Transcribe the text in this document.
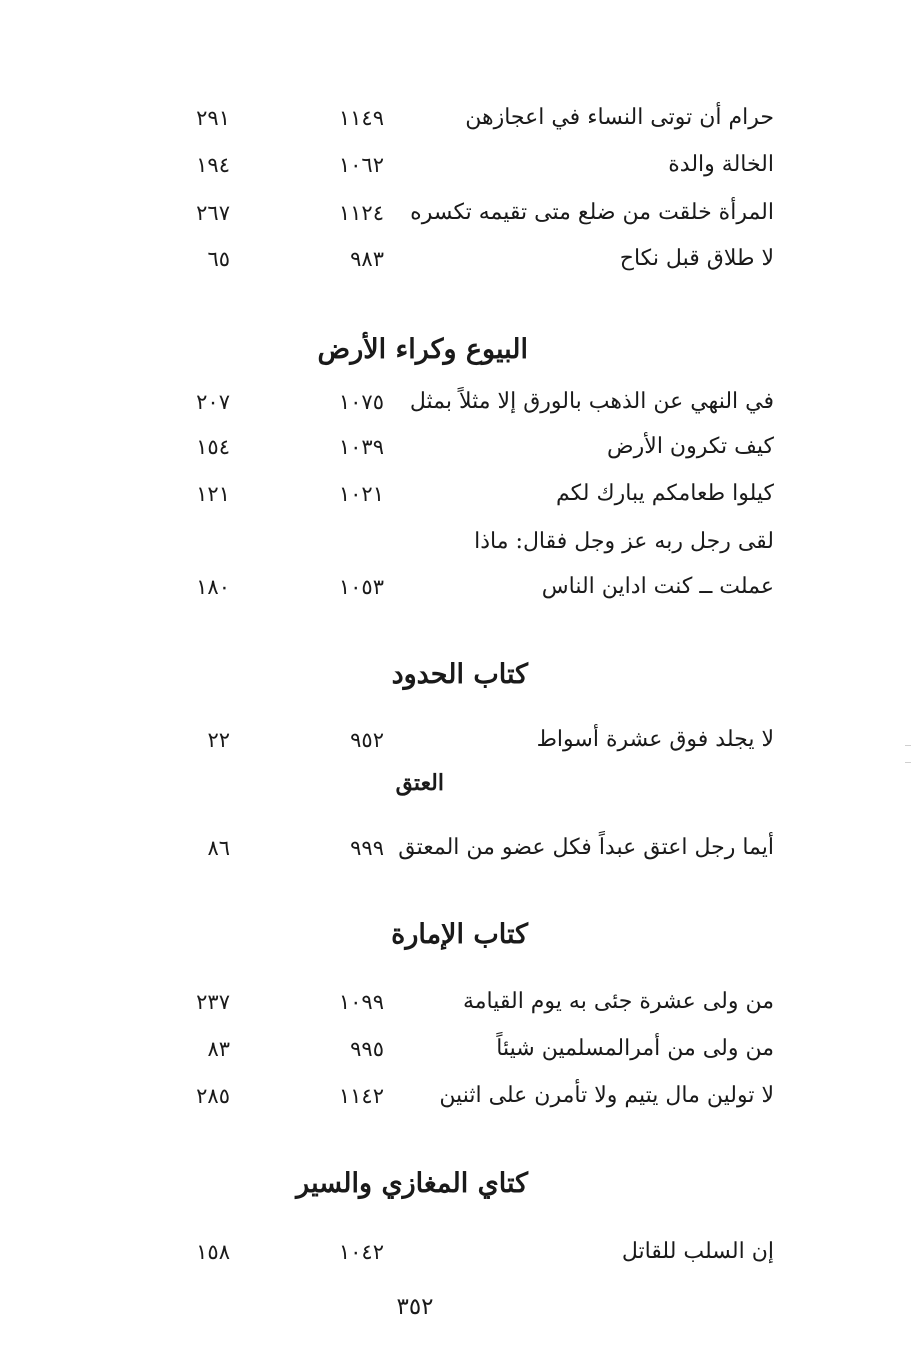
حرام أن توتى النساء في اعجازهن
١١٤٩
٢٩١
الخالة والدة
١٠٦٢
١٩٤
المرأة خلقت من ضلع متى تقيمه تكسره
١١٢٤
٢٦٧
لا طلاق قبل نكاح
٩٨٣
٦٥
البيوع وكراء الأرض
في النهي عن الذهب بالورق إلا مثلاً بمثل
١٠٧٥
٢٠٧
كيف تكرون الأرض
١٠٣٩
١٥٤
كيلوا طعامكم يبارك لكم
١٠٢١
١٢١
لقى رجل ربه عز وجل فقال: ماذا
عملت ــ كنت اداين الناس
١٠٥٣
١٨٠
كتاب الحدود
لا يجلد فوق عشرة أسواط
٩٥٢
٢٢
العتق
أيما رجل اعتق عبداً فكل عضو من المعتق
٩٩٩
٨٦
كتاب الإمارة
من ولى عشرة جئى به يوم القيامة
١٠٩٩
٢٣٧
من ولى من أمرالمسلمين شيئاً
٩٩٥
٨٣
لا تولين مال يتيم ولا تأمرن على اثنين
١١٤٢
٢٨٥
كتاي المغازي والسير
إن السلب للقاتل
١٠٤٢
١٥٨
٣٥٢
